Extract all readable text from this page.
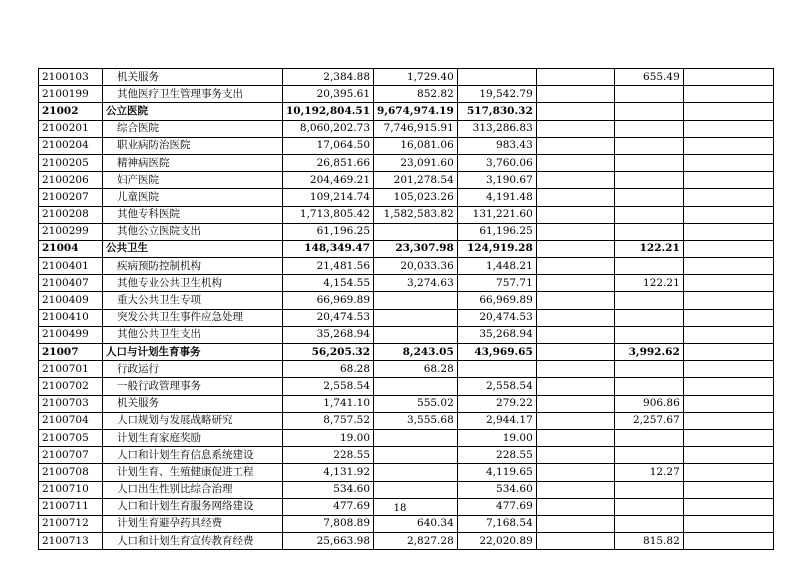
2100103	机关服务	2,384.88	1,729.40			655.49	
2100199	其他医疗卫生管理事务支出	20,395.61	852.82	19,542.79			
21002	公立医院	10,192,804.51	9,674,974.19	517,830.32			
2100201	综合医院	8,060,202.73	7,746,915.91	313,286.83			
2100204	职业病防治医院	17,064.50	16,081.06	983.43			
2100205	精神病医院	26,851.66	23,091.60	3,760.06			
2100206	妇产医院	204,469.21	201,278.54	3,190.67			
2100207	儿童医院	109,214.74	105,023.26	4,191.48			
2100208	其他专科医院	1,713,805.42	1,582,583.82	131,221.60			
2100299	其他公立医院支出	61,196.25		61,196.25			
21004	公共卫生	148,349.47	23,307.98	124,919.28		122.21	
2100401	疾病预防控制机构	21,481.56	20,033.36	1,448.21			
2100407	其他专业公共卫生机构	4,154.55	3,274.63	757.71		122.21	
2100409	重大公共卫生专项	66,969.89		66,969.89			
2100410	突发公共卫生事件应急处理	20,474.53		20,474.53			
2100499	其他公共卫生支出	35,268.94		35,268.94			
21007	人口与计划生育事务	56,205.32	8,243.05	43,969.65		3,992.62	
2100701	行政运行	68.28	68.28				
2100702	一般行政管理事务	2,558.54		2,558.54			
2100703	机关服务	1,741.10	555.02	279.22		906.86	
2100704	人口规划与发展战略研究	8,757.52	3,555.68	2,944.17		2,257.67	
2100705	计划生育家庭奖励	19.00		19.00			
2100707	人口和计划生育信息系统建设	228.55		228.55			
2100708	计划生育、生殖健康促进工程	4,131.92		4,119.65		12.27	
2100710	人口出生性别比综合治理	534.60		534.60			
2100711	人口和计划生育服务网络建设	477.69		477.69			
2100712	计划生育避孕药具经费	7,808.89	640.34	7,168.54			
2100713	人口和计划生育宣传教育经费	25,663.98	2,827.28	22,020.89		815.82	
18
